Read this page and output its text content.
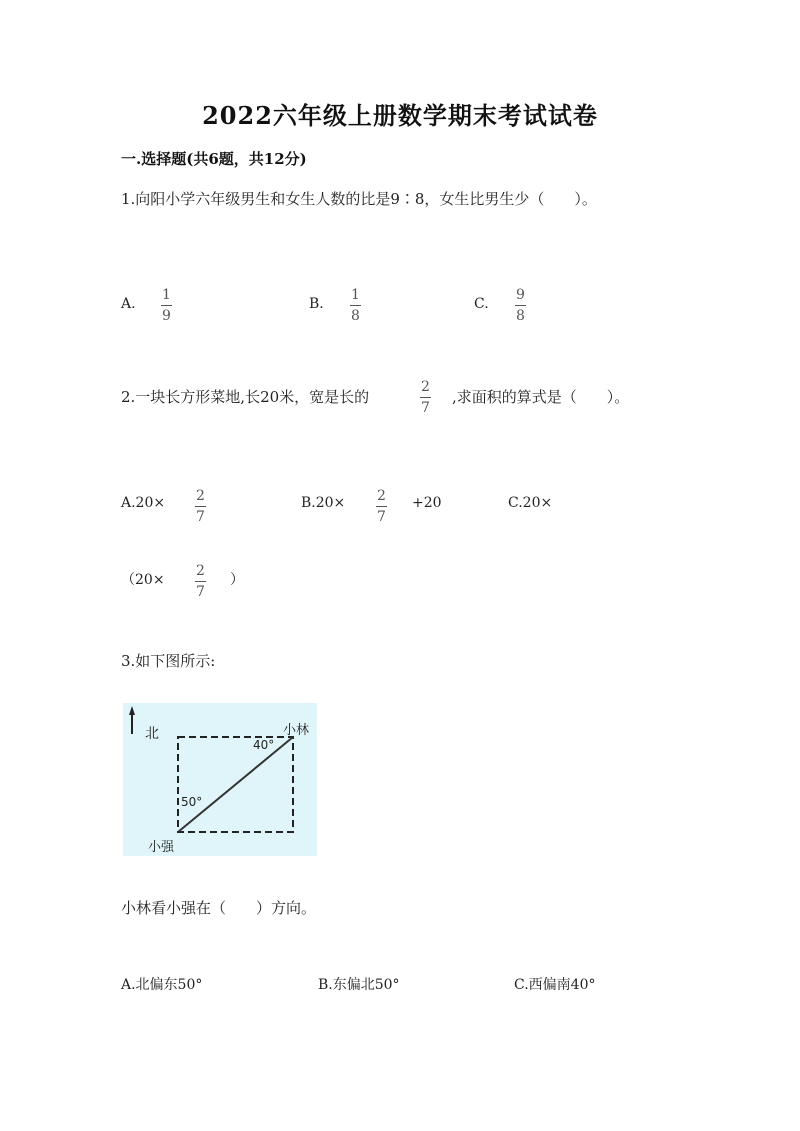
2022六年级上册数学期末考试试卷
一.选择题(共6题，共12分)
1.向阳小学六年级男生和女生人数的比是9∶8，女生比男生少（　　）。
A.
1
9
B.
1
8
C.
9
8
2.一块长方形菜地,长20米，宽是长的
2
7
,求面积的算式是（　　）。
A.20× 2
7
B.20× 2
7
+20	C.20×
（20×
2
7
）
3.如下图所示:
北	小林
40°
50°
小强
小林看小强在（　　）方向。
A.北偏东50°	B.东偏北50°	C.西偏南40°
